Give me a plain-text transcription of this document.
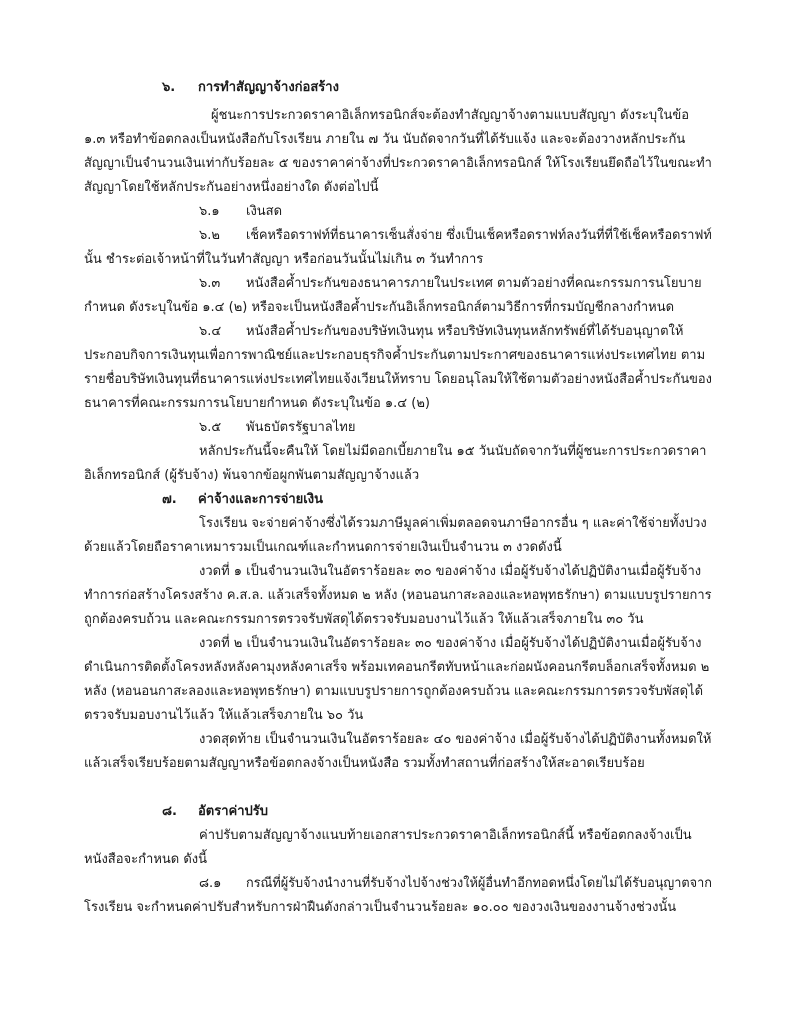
๖. การทำสัญญาจ้างก่อสร้าง
ผู้ชนะการประกวดราคาอิเล็กทรอนิกส์จะต้องทำสัญญาจ้างตามแบบสัญญา ดังระบุในข้อ
๑.๓ หรือทำข้อตกลงเป็นหนังสือกับโรงเรียน ภายใน ๗ วัน นับถัดจากวันที่ได้รับแจ้ง และจะต้องวางหลักประกัน
สัญญาเป็นจำนวนเงินเท่ากับร้อยละ ๕ ของราคาค่าจ้างที่ประกวดราคาอิเล็กทรอนิกส์ ให้โรงเรียนยึดถือไว้ในขณะทำ
สัญญาโดยใช้หลักประกันอย่างหนึ่งอย่างใด ดังต่อไปนี้
๖.๑ เงินสด
๖.๒ เช็คหรือดราฟท์ที่ธนาคารเซ็นสั่งจ่าย ซึ่งเป็นเช็คหรือดราฟท์ลงวันที่ที่ใช้เช็คหรือดราฟท์
นั้น ชำระต่อเจ้าหน้าที่ในวันทำสัญญา หรือก่อนวันนั้นไม่เกิน ๓ วันทำการ
๖.๓ หนังสือค้ำประกันของธนาคารภายในประเทศ ตามตัวอย่างที่คณะกรรมการนโยบาย
กำหนด ดังระบุในข้อ ๑.๔ (๒) หรือจะเป็นหนังสือค้ำประกันอิเล็กทรอนิกส์ตามวิธีการที่กรมบัญชีกลางกำหนด
๖.๔ หนังสือค้ำประกันของบริษัทเงินทุน หรือบริษัทเงินทุนหลักทรัพย์ที่ได้รับอนุญาตให้
ประกอบกิจการเงินทุนเพื่อการพาณิชย์และประกอบธุรกิจค้ำประกันตามประกาศของธนาคารแห่งประเทศไทย ตาม
รายชื่อบริษัทเงินทุนที่ธนาคารแห่งประเทศไทยแจ้งเวียนให้ทราบ โดยอนุโลมให้ใช้ตามตัวอย่างหนังสือค้ำประกันของ
ธนาคารที่คณะกรรมการนโยบายกำหนด ดังระบุในข้อ ๑.๔ (๒)
๖.๕ พันธบัตรรัฐบาลไทย
หลักประกันนี้จะคืนให้ โดยไม่มีดอกเบี้ยภายใน ๑๕ วันนับถัดจากวันที่ผู้ชนะการประกวดราคา
อิเล็กทรอนิกส์ (ผู้รับจ้าง) พ้นจากข้อผูกพันตามสัญญาจ้างแล้ว
๗. ค่าจ้างและการจ่ายเงิน
โรงเรียน จะจ่ายค่าจ้างซึ่งได้รวมภาษีมูลค่าเพิ่มตลอดจนภาษีอากรอื่น ๆ และค่าใช้จ่ายทั้งปวง
ด้วยแล้วโดยถือราคาเหมารวมเป็นเกณฑ์และกำหนดการจ่ายเงินเป็นจำนวน ๓ งวดดังนี้
งวดที่ ๑ เป็นจำนวนเงินในอัตราร้อยละ ๓๐ ของค่าจ้าง เมื่อผู้รับจ้างได้ปฏิบัติงานเมื่อผู้รับจ้าง
ทำการก่อสร้างโครงสร้าง ค.ส.ล. แล้วเสร็จทั้งหมด ๒ หลัง (หอนอนกาสะลองและหอพุทธรักษา) ตามแบบรูปรายการ
ถูกต้องครบถ้วน และคณะกรรมการตรวจรับพัสดุได้ตรวจรับมอบงานไว้แล้ว ให้แล้วเสร็จภายใน ๓๐ วัน
งวดที่ ๒ เป็นจำนวนเงินในอัตราร้อยละ ๓๐ ของค่าจ้าง เมื่อผู้รับจ้างได้ปฏิบัติงานเมื่อผู้รับจ้าง
ดำเนินการติดตั้งโครงหลังหลังคามุงหลังคาเสร็จ พร้อมเทคอนกรีตทับหน้าและก่อผนังคอนกรีตบล็อกเสร็จทั้งหมด ๒
หลัง (หอนอนกาสะลองและหอพุทธรักษา) ตามแบบรูปรายการถูกต้องครบถ้วน และคณะกรรมการตรวจรับพัสดุได้
ตรวจรับมอบงานไว้แล้ว ให้แล้วเสร็จภายใน ๖๐ วัน
งวดสุดท้าย เป็นจำนวนเงินในอัตราร้อยละ ๔๐ ของค่าจ้าง เมื่อผู้รับจ้างได้ปฏิบัติงานทั้งหมดให้
แล้วเสร็จเรียบร้อยตามสัญญาหรือข้อตกลงจ้างเป็นหนังสือ รวมทั้งทำสถานที่ก่อสร้างให้สะอาดเรียบร้อย
๘. อัตราค่าปรับ
ค่าปรับตามสัญญาจ้างแนบท้ายเอกสารประกวดราคาอิเล็กทรอนิกส์นี้ หรือข้อตกลงจ้างเป็น
หนังสือจะกำหนด ดังนี้
๘.๑ กรณีที่ผู้รับจ้างนำงานที่รับจ้างไปจ้างช่วงให้ผู้อื่นทำอีกทอดหนึ่งโดยไม่ได้รับอนุญาตจาก
โรงเรียน จะกำหนดค่าปรับสำหรับการฝ่าฝืนดังกล่าวเป็นจำนวนร้อยละ ๑๐.๐๐ ของวงเงินของงานจ้างช่วงนั้น
